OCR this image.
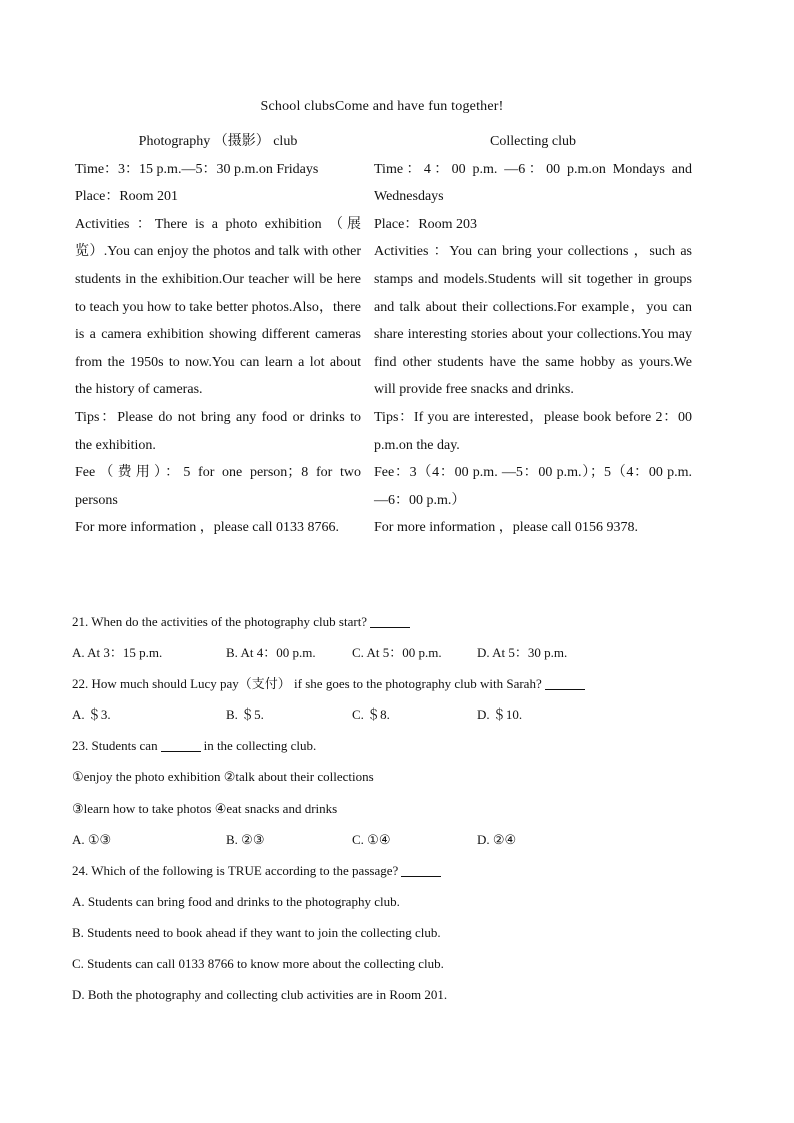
School clubsCome and have fun together!
Photography （摄影） club

Time：3：15 p.m.—5：30 p.m.on Fridays

Place：Room 201

Activities ：There is a photo exhibition （展览）.You can enjoy the photos and talk with other students in the exhibition.Our teacher will be here to teach you how to take better photos.Also，there is a camera exhibition showing different cameras from the 1950s to now.You can learn a lot about the history of cameras.

Tips：Please do not bring any food or drinks to the exhibition.

Fee（费用）：5 for one person；8 for two persons

For more information ，please call 0133 8766.

Collecting club

Time：4：00 p.m. —6：00 p.m.on Mondays and Wednesdays

Place：Room 203

Activities ：You can bring your collections ，such as stamps and models.Students will sit together in groups and talk about their collections.For example，you can share interesting stories about your collections.You may find other students have the same hobby as yours.We will provide free snacks and drinks.

Tips：If you are interested，please book before 2：00 p.m.on the day.

Fee：3（4：00 p.m. —5：00 p.m.）；5（4：00 p.m. —6：00 p.m.）

For more information ，please call 0156 9378.

21. When do the activities of the photography club start?
A. At 3：15 p.m.	B. At 4：00 p.m.	C. At 5：00 p.m.	D. At 5：30 p.m.
22. How much should Lucy pay（支付） if she goes to the photography club with Sarah?
A. ＄3.	B. ＄5.	C. ＄8.	D. ＄10.
23. Students can	in the collecting club.
①enjoy the photo exhibition ②talk about their collections
③learn how to take photos ④eat snacks and drinks
A. ①③	B. ②③	C. ①④	D. ②④
24. Which of the following is TRUE according to the passage?
A. Students can bring food and drinks to the photography club.
B. Students need to book ahead if they want to join the collecting club.
C. Students can call 0133 8766 to know more about the collecting club.
D. Both the photography and collecting club activities are in Room 201.
